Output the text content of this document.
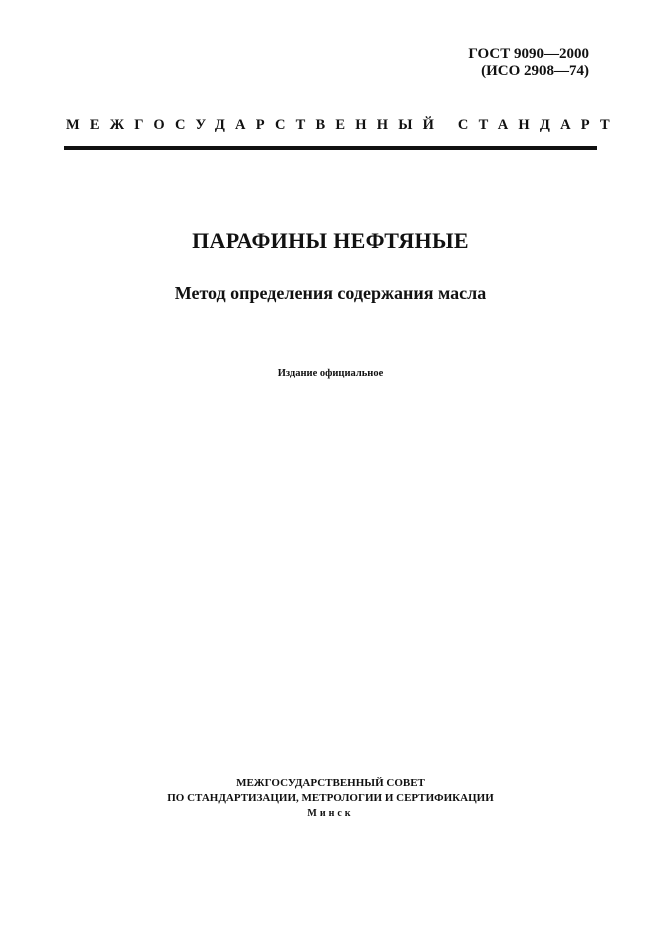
ГОСТ 9090—2000
(ИСО 2908—74)
МЕЖГОСУДАРСТВЕННЫЙ СТАНДАРТ
ПАРАФИНЫ НЕФТЯНЫЕ
Метод определения содержания масла
Издание официальное
МЕЖГОСУДАРСТВЕННЫЙ СОВЕТ
ПО СТАНДАРТИЗАЦИИ, МЕТРОЛОГИИ И СЕРТИФИКАЦИИ
Минск
